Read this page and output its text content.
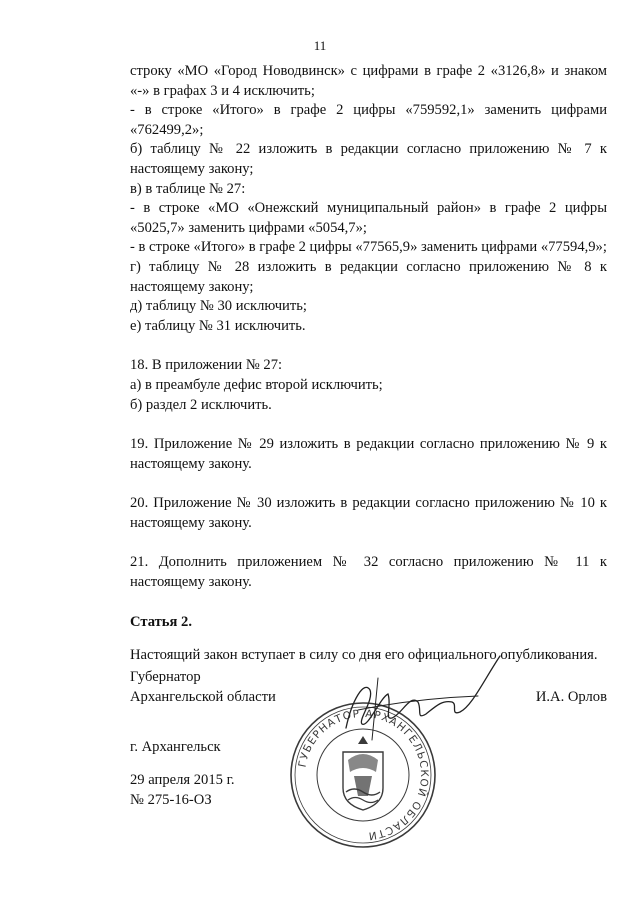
11

строку «МО «Город Новодвинск» с цифрами в графе 2 «3126,8» и знаком «-» в графах 3 и 4 исключить;

- в строке «Итого» в графе 2 цифры «759592,1» заменить цифрами «762499,2»;

б) таблицу № 22 изложить в редакции согласно приложению № 7 к настоящему закону;

в) в таблице № 27:

- в строке «МО «Онежский муниципальный район» в графе 2 цифры «5025,7» заменить цифрами «5054,7»;

- в строке «Итого» в графе 2 цифры «77565,9» заменить цифрами «77594,9»;

г) таблицу № 28 изложить в редакции согласно приложению № 8 к настоящему закону;

д) таблицу № 30 исключить;

е) таблицу № 31 исключить.

18. В приложении № 27:

а) в преамбуле дефис второй исключить;

б) раздел 2 исключить.

19. Приложение № 29 изложить в редакции согласно приложению № 9 к настоящему закону.

20. Приложение № 30 изложить в редакции согласно приложению № 10 к настоящему закону.

21. Дополнить приложением № 32 согласно приложению № 11 к настоящему закону.

Статья 2.

Настоящий закон вступает в силу со дня его официального опубликования.

Губернатор
Архангельской области	И.А. Орлов
ГУБЕРНАТОР АРХАНГЕЛЬСКОЙ ОБЛАСТИ
г. Архангельск
29 апреля 2015 г.
№ 275-16-ОЗ
